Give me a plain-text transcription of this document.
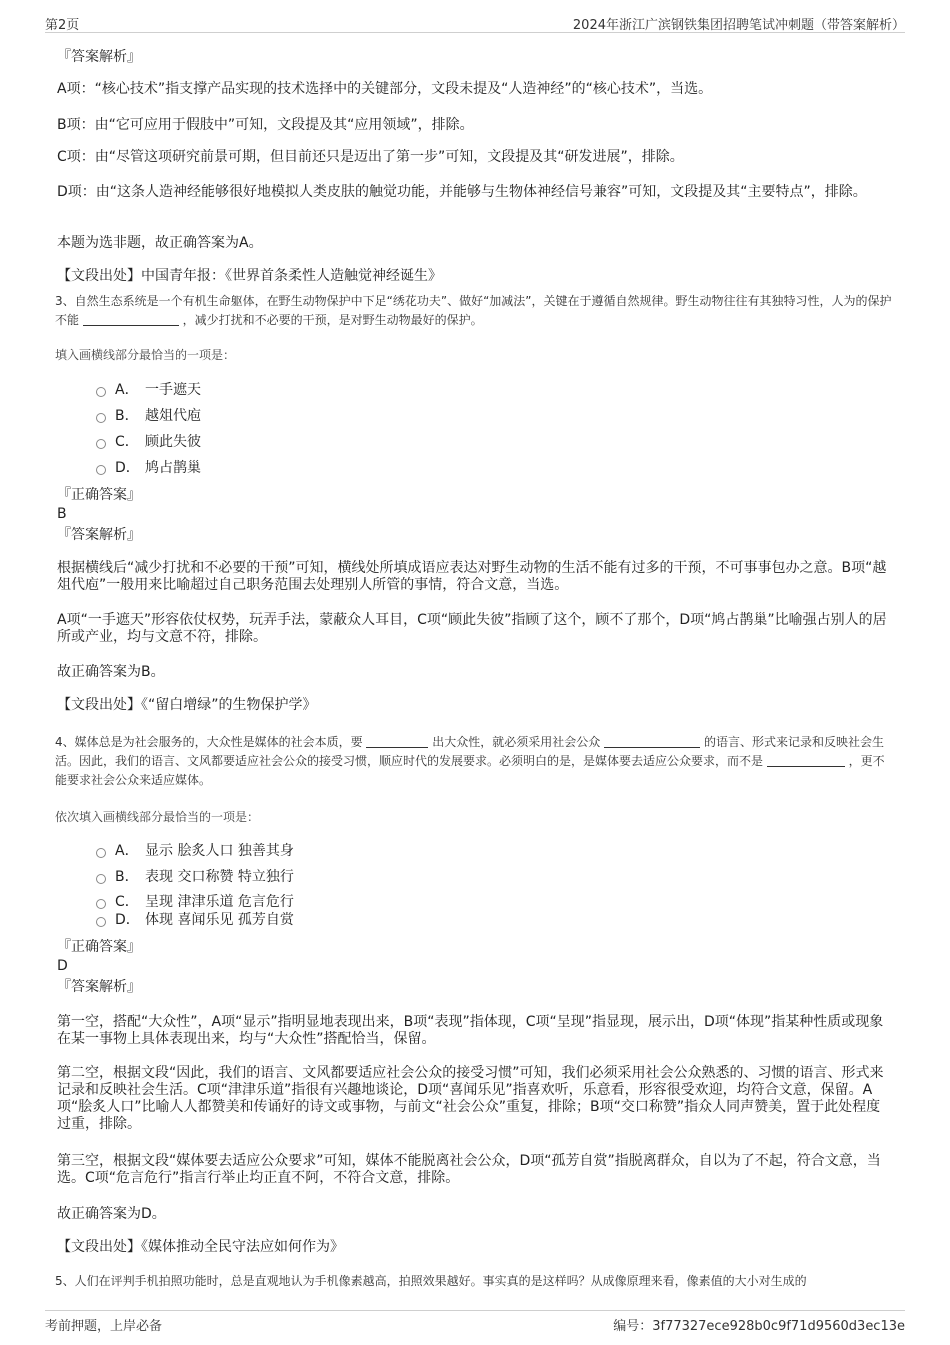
第2页	2024年浙江广滨钢铁集团招聘笔试冲刺题（带答案解析）
『答案解析』
A项：“核心技术”指支撑产品实现的技术选择中的关键部分，文段未提及“人造神经”的“核心技术”，当选。
B项：由“它可应用于假肢中”可知，文段提及其“应用领域”，排除。
C项：由“尽管这项研究前景可期，但目前还只是迈出了第一步”可知，文段提及其“研发进展”，排除。
D项：由“这条人造神经能够很好地模拟人类皮肤的触觉功能，并能够与生物体神经信号兼容”可知，文段提及其“主要特点”，排除。
本题为选非题，故正确答案为A。
【文段出处】中国青年报：《世界首条柔性人造触觉神经诞生》
3、自然生态系统是一个有机生命躯体，在野生动物保护中下足“绣花功夫”、做好“加减法”，关键在于遵循自然规律。野生动物往往有其独特习性，人为的保护不能	，减少打扰和不必要的干预，是对野生动物最好的保护。
填入画横线部分最恰当的一项是：
A． 一手遮天
B． 越俎代庖
C． 顾此失彼
D． 鸠占鹊巢
『正确答案』
B
『答案解析』
根据横线后“减少打扰和不必要的干预”可知，横线处所填成语应表达对野生动物的生活不能有过多的干预，不可事事包办之意。B项“越俎代庖”一般用来比喻超过自己职务范围去处理别人所管的事情，符合文意，当选。
A项“一手遮天”形容依仗权势，玩弄手法，蒙蔽众人耳目，C项“顾此失彼”指顾了这个，顾不了那个，D项“鸠占鹊巢”比喻强占别人的居所或产业，均与文意不符，排除。
故正确答案为B。
【文段出处】《“留白增绿”的生物保护学》
4、媒体总是为社会服务的，大众性是媒体的社会本质，要	出大众性，就必须采用社会公众	的语言、形式来记录和反映社会生活。因此，我们的语言、文风都要适应社会公众的接受习惯，顺应时代的发展要求。必须明白的是，是媒体要去适应公众要求，而不是	，更不能要求社会公众来适应媒体。
依次填入画横线部分最恰当的一项是：
A． 显示 脍炙人口 独善其身
B． 表现 交口称赞 特立独行
C． 呈现 津津乐道 危言危行
D． 体现 喜闻乐见 孤芳自赏
『正确答案』
D
『答案解析』
第一空，搭配“大众性”，A项“显示”指明显地表现出来，B项“表现”指体现，C项“呈现”指显现，展示出，D项“体现”指某种性质或现象在某一事物上具体表现出来，均与“大众性”搭配恰当，保留。
第二空，根据文段“因此，我们的语言、文风都要适应社会公众的接受习惯”可知，我们必须采用社会公众熟悉的、习惯的语言、形式来记录和反映社会生活。C项“津津乐道”指很有兴趣地谈论，D项“喜闻乐见”指喜欢听，乐意看，形容很受欢迎，均符合文意，保留。A项“脍炙人口”比喻人人都赞美和传诵好的诗文或事物，与前文“社会公众”重复，排除；B项“交口称赞”指众人同声赞美，置于此处程度过重，排除。
第三空，根据文段“媒体要去适应公众要求”可知，媒体不能脱离社会公众，D项“孤芳自赏”指脱离群众，自以为了不起，符合文意，当选。C项“危言危行”指言行举止均正直不阿，不符合文意，排除。
故正确答案为D。
【文段出处】《媒体推动全民守法应如何作为》
5、人们在评判手机拍照功能时，总是直观地认为手机像素越高，拍照效果越好。事实真的是这样吗？从成像原理来看，像素值的大小对生成的
考前押题，上岸必备	编号：3f77327ece928b0c9f71d9560d3ec13e
